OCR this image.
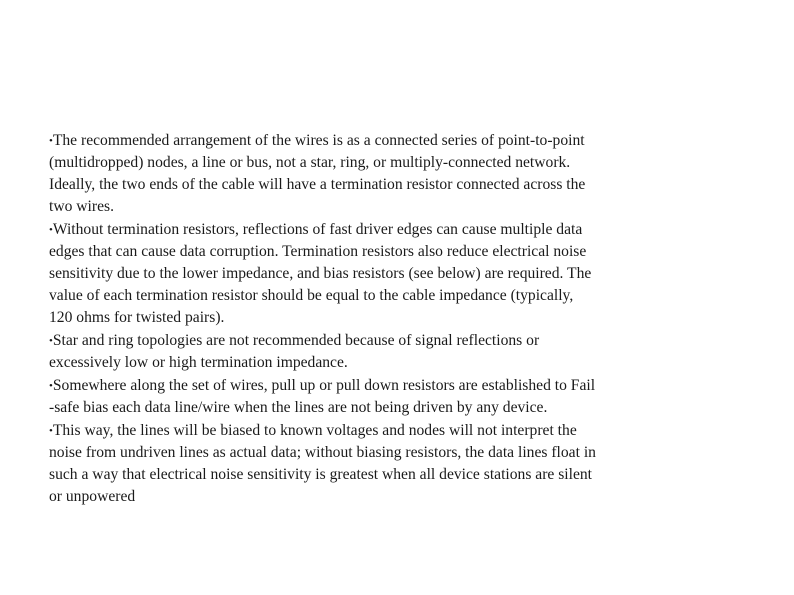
•The recommended arrangement of the wires is as a connected series of point-to-point
(multidropped) nodes, a line or bus, not a star, ring, or multiply-connected network.
Ideally, the two ends of the cable will have a termination resistor connected across the
two wires.

•Without termination resistors, reflections of fast driver edges can cause multiple data
edges that can cause data corruption. Termination resistors also reduce electrical noise
sensitivity due to the lower impedance, and bias resistors (see below) are required. The
value of each termination resistor should be equal to the cable impedance (typically,
120 ohms for twisted pairs).

•Star and ring topologies are not recommended because of signal reflections or
excessively low or high termination impedance.

•Somewhere along the set of wires, pull up or pull down resistors are established to Fail
-safe bias each data line/wire when the lines are not being driven by any device.

•This way, the lines will be biased to known voltages and nodes will not interpret the
noise from undriven lines as actual data; without biasing resistors, the data lines float in
such a way that electrical noise sensitivity is greatest when all device stations are silent
or unpowered
